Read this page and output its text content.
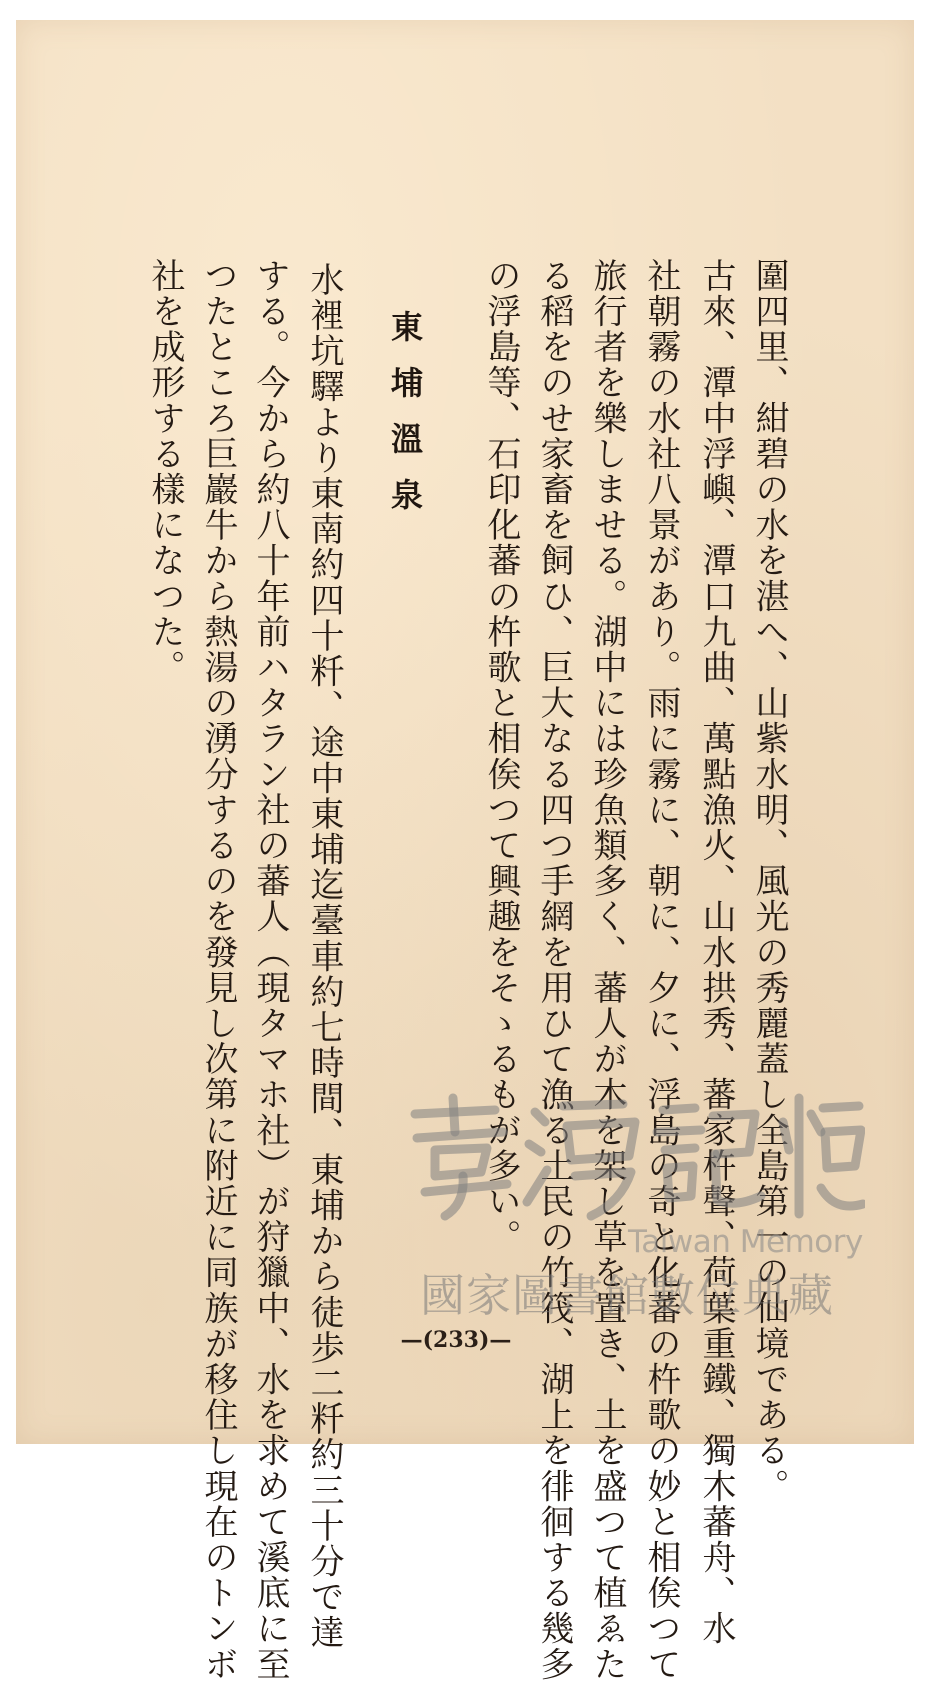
圍四里、紺碧の水を湛へ、山紫水明、風光の秀麗蓋し全島第一の仙境である。
古來、潭中浮嶼、潭口九曲、萬點漁火、山水拱秀、蕃家杵聲、荷葉重鐵、獨木蕃舟、水
社朝霧の水社八景があり。雨に霧に、朝に、夕に、浮島の奇と化蕃の杵歌の妙と相俟つて
旅行者を樂しませる。湖中には珍魚類多く、蕃人が木を架し草を置き、土を盛つて植ゑた
る稻をのせ家畜を飼ひ、巨大なる四つ手網を用ひて漁る土民の竹筏、湖上を徘徊する幾多
の浮島等、石印化蕃の杵歌と相俟つて興趣をそゝるもが多い。
東埔溫泉
水裡坑驛より東南約四十粁、途中東埔迄臺車約七時間、東埔から徒歩二粁約三十分で達
する。今から約八十年前ハタラン社の蕃人（現タマホ社）が狩獵中、水を求めて溪底に至
つたところ巨巖牛から熱湯の湧分するのを發見し次第に附近に同族が移住し現在のトンボ
社を成形する樣になつた。
—(233)—
Taiwan Memory
國家圖書館數位典藏
